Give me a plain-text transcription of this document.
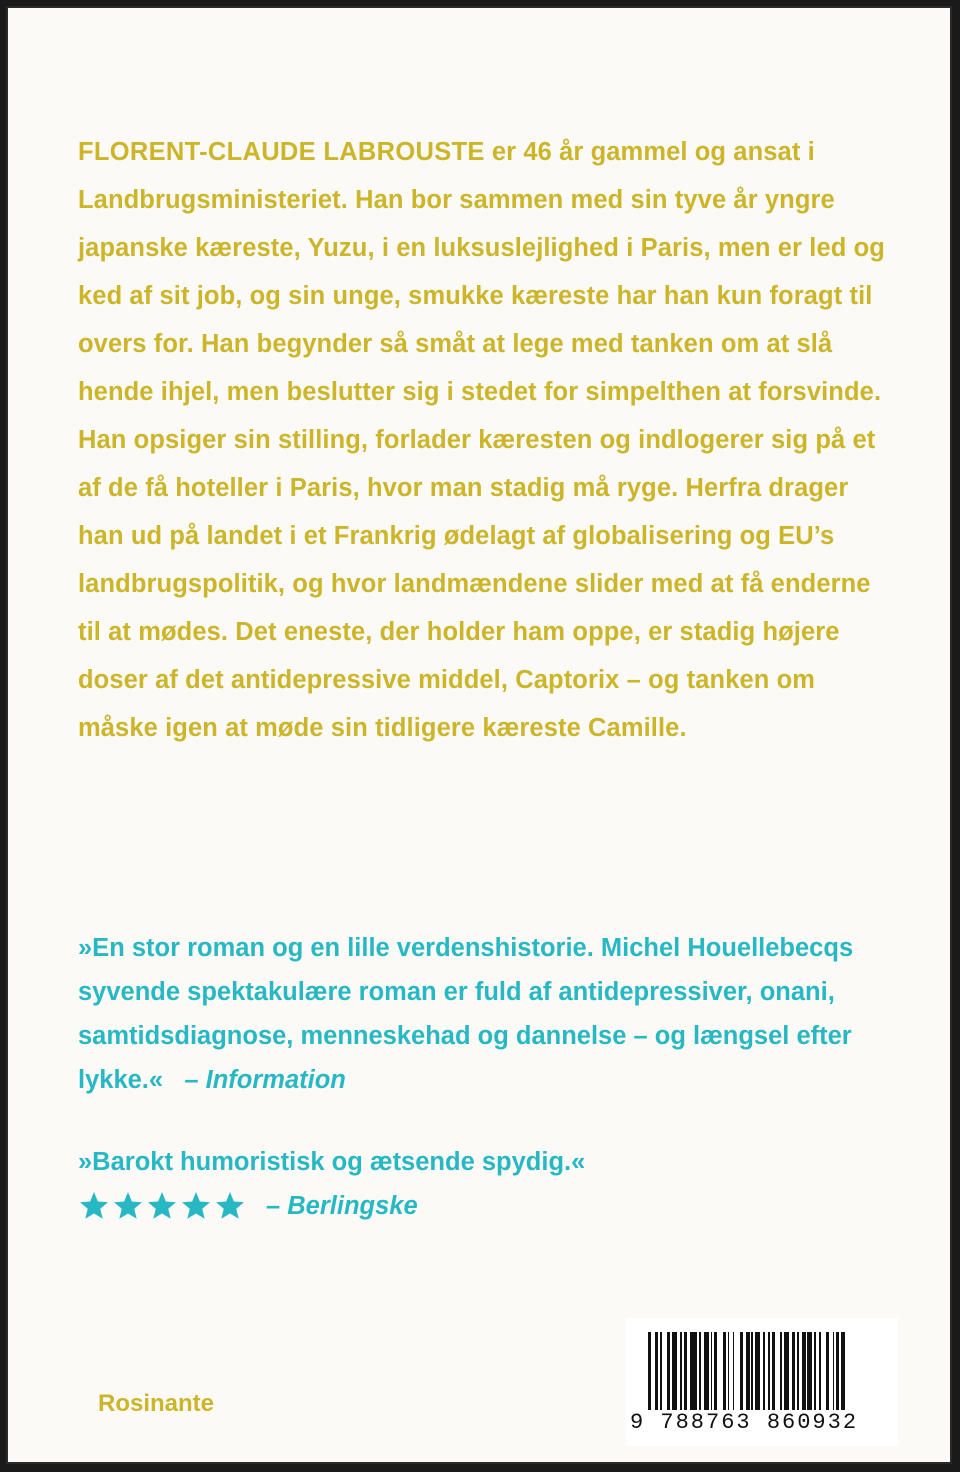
FLORENT-CLAUDE LABROUSTE er 46 år gammel og ansat i Landbrugsministeriet. Han bor sammen med sin tyve år yngre japanske kæreste, Yuzu, i en luksuslejlighed i Paris, men er led og ked af sit job, og sin unge, smukke kæreste har han kun foragt til overs for. Han begynder så småt at lege med tanken om at slå hende ihjel, men beslutter sig i stedet for simpelthen at forsvinde. Han opsiger sin stilling, forlader kæresten og indlogerer sig på et af de få hoteller i Paris, hvor man stadig må ryge. Herfra drager han ud på landet i et Frankrig ødelagt af globalisering og EU’s landbrugspolitik, og hvor landmændene slider med at få enderne til at mødes. Det eneste, der holder ham oppe, er stadig højere doser af det antidepressive middel, Captorix – og tanken om måske igen at møde sin tidligere kæreste Camille.
»En stor roman og en lille verdenshistorie. Michel Houellebecqs syvende spektakulære roman er fuld af antidepressiver, onani, samtidsdiagnose, menneskehad og dannelse – og længsel efter lykke.« – Information
»Barokt humoristisk og ætsende spydig.«
– Berlingske
Rosinante
9 788763 860932
